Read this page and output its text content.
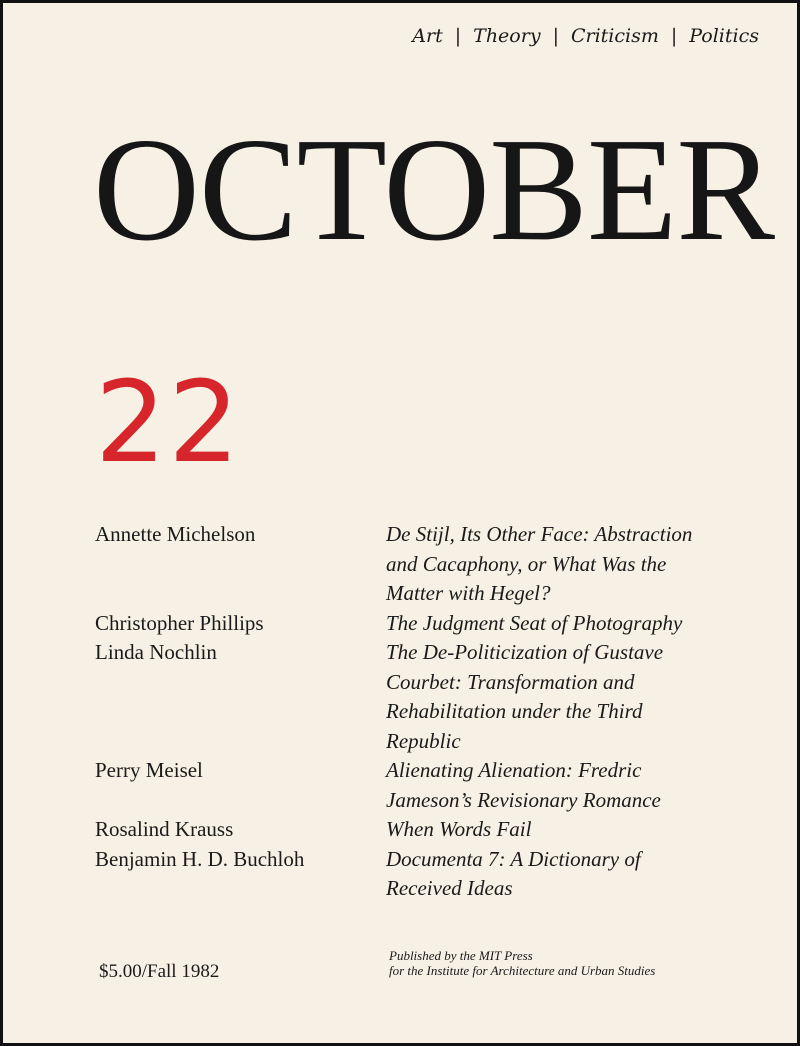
Art | Theory | Criticism | Politics
OCTOBER
22
Annette Michelson	De Stijl, Its Other Face: Abstraction
and Cacaphony, or What Was the
Matter with Hegel?
Christopher Phillips	The Judgment Seat of Photography
Linda Nochlin	The De-Politicization of Gustave
Courbet: Transformation and
Rehabilitation under the Third
Republic
Perry Meisel	Alienating Alienation: Fredric
Jameson’s Revisionary Romance
Rosalind Krauss	When Words Fail
Benjamin H. D. Buchloh	Documenta 7: A Dictionary of
Received Ideas
$5.00/Fall 1982
Published by the MIT Press
for the Institute for Architecture and Urban Studies
